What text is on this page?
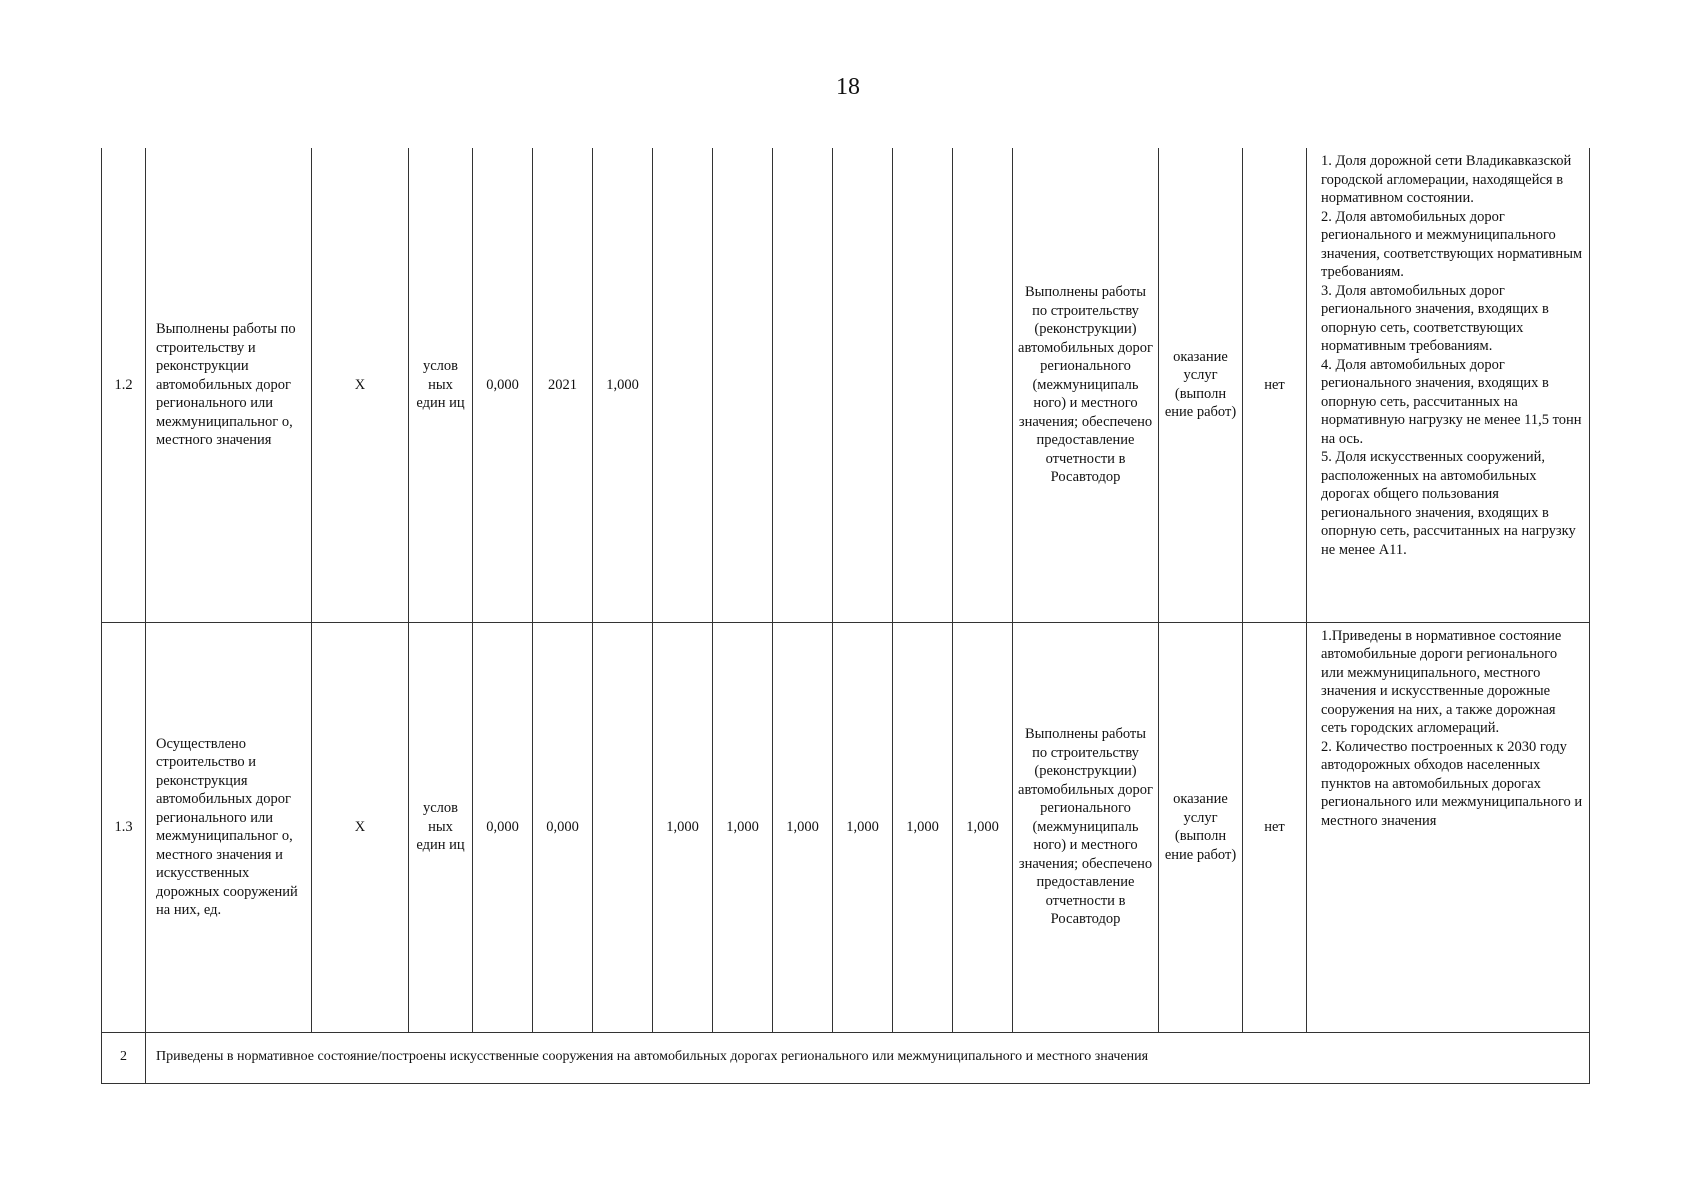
18
1.2	Выполнены работы по строительству и реконструкции автомобильных дорог регионального или межмуниципальног о, местного значения	X	услов ных един иц	0,000	2021	1,000							Выполнены работы по строительству (реконструкции) автомобильных дорог регионального (межмуниципаль ного) и местного значения; обеспечено предоставление отчетности в Росавтодор	оказание услуг (выполн ение работ)	нет	1. Доля дорожной сети Владикавказской городской агломерации, находящейся в нормативном состоянии.
2. Доля автомобильных дорог регионального и межмуниципального значения, соответствующих нормативным требованиям.
3. Доля автомобильных дорог регионального значения, входящих в опорную сеть, соответствующих нормативным требованиям.
4. Доля автомобильных дорог регионального значения, входящих в опорную сеть, рассчитанных на нормативную нагрузку не менее 11,5 тонн на ось.
5. Доля искусственных сооружений, расположенных на автомобильных дорогах общего пользования регионального значения, входящих в опорную сеть, рассчитанных на нагрузку не менее А11.

1.3	Осуществлено строительство и реконструкция автомобильных дорог регионального или межмуниципальног о, местного значения и искусственных дорожных сооружений на них, ед.	X	услов ных един иц	0,000	0,000		1,000	1,000	1,000	1,000	1,000	1,000	Выполнены работы по строительству (реконструкции) автомобильных дорог регионального (межмуниципаль ного) и местного значения; обеспечено предоставление отчетности в Росавтодор	оказание услуг (выполн ение работ)	нет	1.Приведены в нормативное состояние автомобильные дороги регионального или межмуниципального, местного значения и искусственные дорожные сооружения на них, а также дорожная сеть городских агломераций.
2. Количество построенных к 2030 году автодорожных обходов населенных пунктов на автомобильных дорогах регионального или межмуниципального и местного значения

2	Приведены в нормативное состояние/построены искусственные сооружения на автомобильных дорогах регионального или межмуниципального и местного значения															
